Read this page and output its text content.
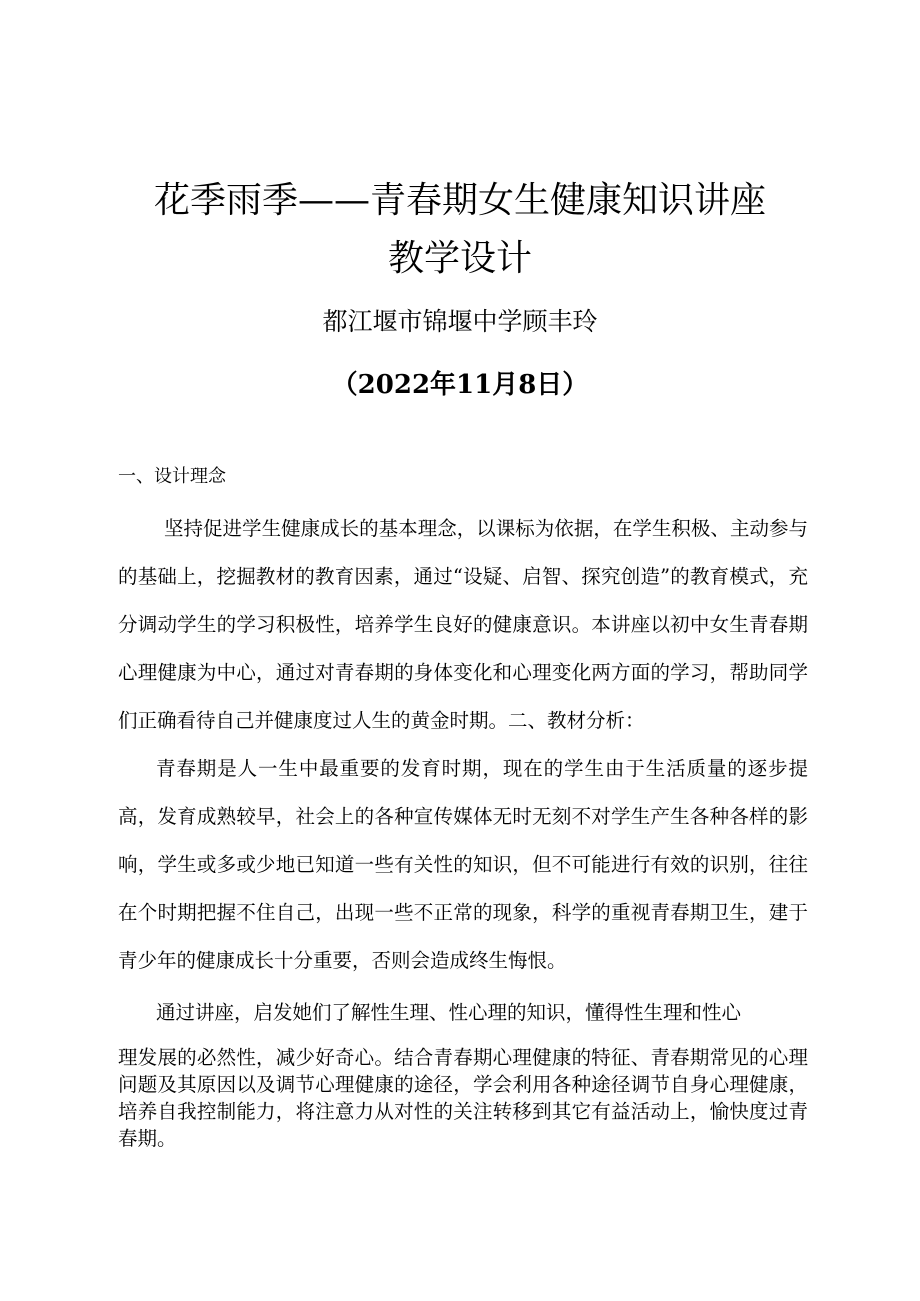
花季雨季——青春期女生健康知识讲座
教学设计
都江堰市锦堰中学顾丰玲
（2022年11月8日）
一、设计理念
坚持促进学生健康成长的基本理念，以课标为依据，在学生积极、主动参与的基础上，挖掘教材的教育因素，通过“设疑、启智、探究创造”的教育模式，充分调动学生的学习积极性，培养学生良好的健康意识。本讲座以初中女生青春期心理健康为中心，通过对青春期的身体变化和心理变化两方面的学习，帮助同学们正确看待自己并健康度过人生的黄金时期。二、教材分析：
青春期是人一生中最重要的发育时期，现在的学生由于生活质量的逐步提高，发育成熟较早，社会上的各种宣传媒体无时无刻不对学生产生各种各样的影响，学生或多或少地已知道一些有关性的知识，但不可能进行有效的识别，往往在个时期把握不住自己，出现一些不正常的现象，科学的重视青春期卫生，建于青少年的健康成长十分重要，否则会造成终生悔恨。
通过讲座，启发她们了解性生理、性心理的知识，懂得性生理和性心
理发展的必然性，减少好奇心。结合青春期心理健康的特征、青春期常见的心理问题及其原因以及调节心理健康的途径，学会利用各种途径调节自身心理健康，培养自我控制能力，将注意力从对性的关注转移到其它有益活动上，愉快度过青春期。
